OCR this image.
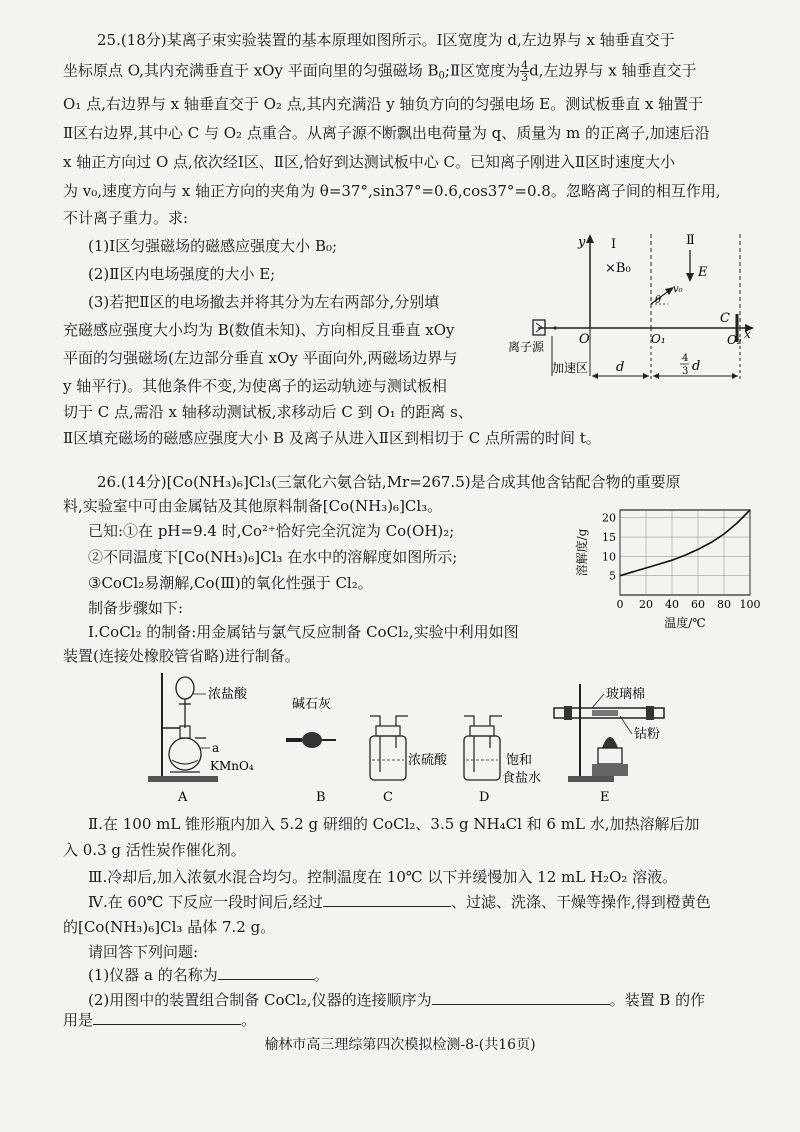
25.(18分)某离子束实验装置的基本原理如图所示。Ⅰ区宽度为 d,左边界与 x 轴垂直交于
坐标原点 O,其内充满垂直于 xOy 平面向里的匀强磁场 $B_0;Ⅱ$区宽度为 $\frac{4}{3} d$,左边界与 x 轴垂直交于
O₁ 点,右边界与 x 轴垂直交于 O₂ 点,其内充满沿 y 轴负方向的匀强电场 E。测试板垂直 x 轴置于
Ⅱ区右边界,其中心 C 与 O₂ 点重合。从离子源不断飘出电荷量为 q、质量为 m 的正离子,加速后沿
x 轴正方向过 O 点,依次经Ⅰ区、Ⅱ区,恰好到达测试板中心 C。已知离子刚进入Ⅱ区时速度大小
为 v₀,速度方向与 x 轴正方向的夹角为 θ=37°,sin37°=0.6,cos37°=0.8。忽略离子间的相互作用,
不计离子重力。求:
(1)Ⅰ区匀强磁场的磁感应强度大小 B₀;
(2)Ⅱ区内电场强度的大小 E;
(3)若把Ⅱ区的电场撤去并将其分为左右两部分,分别填
充磁感应强度大小均为 B(数值未知)、方向相反且垂直 xOy
平面的匀强磁场(左边部分垂直 xOy 平面向外,两磁场边界与
y 轴平行)。其他条件不变,为使离子的运动轨迹与测试板相
切于 C 点,需沿 x 轴移动测试板,求移动后 C 到 O₁ 的距离 s、
Ⅱ区填充磁场的磁感应强度大小 B 及离子从进入Ⅱ区到相切于 C 点所需的时间 t。
y Ⅰ	Ⅱ
×B₀	E
v₀
θ
x
C
O	O₁	O₂
离子源
加速区 d
4
3 d
26.(14分)[Co(NH₃)₆]Cl₃(三氯化六氨合钴,Mr=267.5)是合成其他含钴配合物的重要原
料,实验室中可由金属钴及其他原料制备[Co(NH₃)₆]Cl₃。
已知:①在 pH=9.4 时,Co²⁺恰好完全沉淀为 Co(OH)₂;
②不同温度下[Co(NH₃)₆]Cl₃ 在水中的溶解度如图所示;
③CoCl₂易潮解,Co(Ⅲ)的氧化性强于 Cl₂。
制备步骤如下:
Ⅰ.CoCl₂ 的制备:用金属钴与氯气反应制备 CoCl₂,实验中利用如图
装置(连接处橡胶管省略)进行制备。
0 20 40 60 80 100
5
10
15
20
温度/℃
溶解度/g
浓盐酸
a
KMnO₄
A
碱石灰
B
浓硫酸
C
饱和
食盐水
D
玻璃棉
钴粉
E
Ⅱ.在 100 mL 锥形瓶内加入 5.2 g 研细的 CoCl₂、3.5 g NH₄Cl 和 6 mL 水,加热溶解后加
入 0.3 g 活性炭作催化剂。
Ⅲ.冷却后,加入浓氨水混合均匀。控制温度在 10℃ 以下并缓慢加入 12 mL H₂O₂ 溶液。
Ⅳ.在 60℃ 下反应一段时间后,经过	、过滤、洗涤、干燥等操作,得到橙黄色
的[Co(NH₃)₆]Cl₃ 晶体 7.2 g。
请回答下列问题:
(1)仪器 a 的名称为	。
(2)用图中的装置组合制备 CoCl₂,仪器的连接顺序为	。装置 B 的作
用是	。
榆林市高三理综第四次模拟检测-8-(共16页)
